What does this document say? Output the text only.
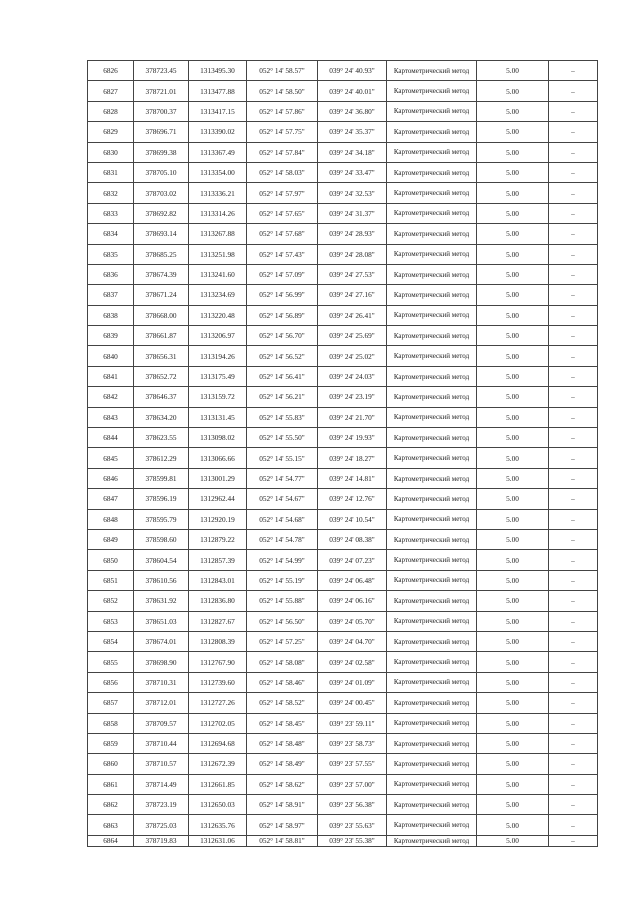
6826	378723.45	1313495.30	052° 14' 58.57"	039° 24' 40.93"	Картометрический метод	5.00	–
6827	378721.01	1313477.88	052° 14' 58.50"	039° 24' 40.01"	Картометрический метод	5.00	–
6828	378700.37	1313417.15	052° 14' 57.86"	039° 24' 36.80"	Картометрический метод	5.00	–
6829	378696.71	1313390.02	052° 14' 57.75"	039° 24' 35.37"	Картометрический метод	5.00	–
6830	378699.38	1313367.49	052° 14' 57.84"	039° 24' 34.18"	Картометрический метод	5.00	–
6831	378705.10	1313354.00	052° 14' 58.03"	039° 24' 33.47"	Картометрический метод	5.00	–
6832	378703.02	1313336.21	052° 14' 57.97"	039° 24' 32.53"	Картометрический метод	5.00	–
6833	378692.82	1313314.26	052° 14' 57.65"	039° 24' 31.37"	Картометрический метод	5.00	–
6834	378693.14	1313267.88	052° 14' 57.68"	039° 24' 28.93"	Картометрический метод	5.00	–
6835	378685.25	1313251.98	052° 14' 57.43"	039° 24' 28.08"	Картометрический метод	5.00	–
6836	378674.39	1313241.60	052° 14' 57.09"	039° 24' 27.53"	Картометрический метод	5.00	–
6837	378671.24	1313234.69	052° 14' 56.99"	039° 24' 27.16"	Картометрический метод	5.00	–
6838	378668.00	1313220.48	052° 14' 56.89"	039° 24' 26.41"	Картометрический метод	5.00	–
6839	378661.87	1313206.97	052° 14' 56.70"	039° 24' 25.69"	Картометрический метод	5.00	–
6840	378656.31	1313194.26	052° 14' 56.52"	039° 24' 25.02"	Картометрический метод	5.00	–
6841	378652.72	1313175.49	052° 14' 56.41"	039° 24' 24.03"	Картометрический метод	5.00	–
6842	378646.37	1313159.72	052° 14' 56.21"	039° 24' 23.19"	Картометрический метод	5.00	–
6843	378634.20	1313131.45	052° 14' 55.83"	039° 24' 21.70"	Картометрический метод	5.00	–
6844	378623.55	1313098.02	052° 14' 55.50"	039° 24' 19.93"	Картометрический метод	5.00	–
6845	378612.29	1313066.66	052° 14' 55.15"	039° 24' 18.27"	Картометрический метод	5.00	–
6846	378599.81	1313001.29	052° 14' 54.77"	039° 24' 14.81"	Картометрический метод	5.00	–
6847	378596.19	1312962.44	052° 14' 54.67"	039° 24' 12.76"	Картометрический метод	5.00	–
6848	378595.79	1312920.19	052° 14' 54.68"	039° 24' 10.54"	Картометрический метод	5.00	–
6849	378598.60	1312879.22	052° 14' 54.78"	039° 24' 08.38"	Картометрический метод	5.00	–
6850	378604.54	1312857.39	052° 14' 54.99"	039° 24' 07.23"	Картометрический метод	5.00	–
6851	378610.56	1312843.01	052° 14' 55.19"	039° 24' 06.48"	Картометрический метод	5.00	–
6852	378631.92	1312836.80	052° 14' 55.88"	039° 24' 06.16"	Картометрический метод	5.00	–
6853	378651.03	1312827.67	052° 14' 56.50"	039° 24' 05.70"	Картометрический метод	5.00	–
6854	378674.01	1312808.39	052° 14' 57.25"	039° 24' 04.70"	Картометрический метод	5.00	–
6855	378698.90	1312767.90	052° 14' 58.08"	039° 24' 02.58"	Картометрический метод	5.00	–
6856	378710.31	1312739.60	052° 14' 58.46"	039° 24' 01.09"	Картометрический метод	5.00	–
6857	378712.01	1312727.26	052° 14' 58.52"	039° 24' 00.45"	Картометрический метод	5.00	–
6858	378709.57	1312702.05	052° 14' 58.45"	039° 23' 59.11"	Картометрический метод	5.00	–
6859	378710.44	1312694.68	052° 14' 58.48"	039° 23' 58.73"	Картометрический метод	5.00	–
6860	378710.57	1312672.39	052° 14' 58.49"	039° 23' 57.55"	Картометрический метод	5.00	–
6861	378714.49	1312661.85	052° 14' 58.62"	039° 23' 57.00"	Картометрический метод	5.00	–
6862	378723.19	1312650.03	052° 14' 58.91"	039° 23' 56.38"	Картометрический метод	5.00	–
6863	378725.03	1312635.76	052° 14' 58.97"	039° 23' 55.63"	Картометрический метод	5.00	–
6864	378719.83	1312631.06	052° 14' 58.81"	039° 23' 55.38"	Картометрический метод	5.00	–
